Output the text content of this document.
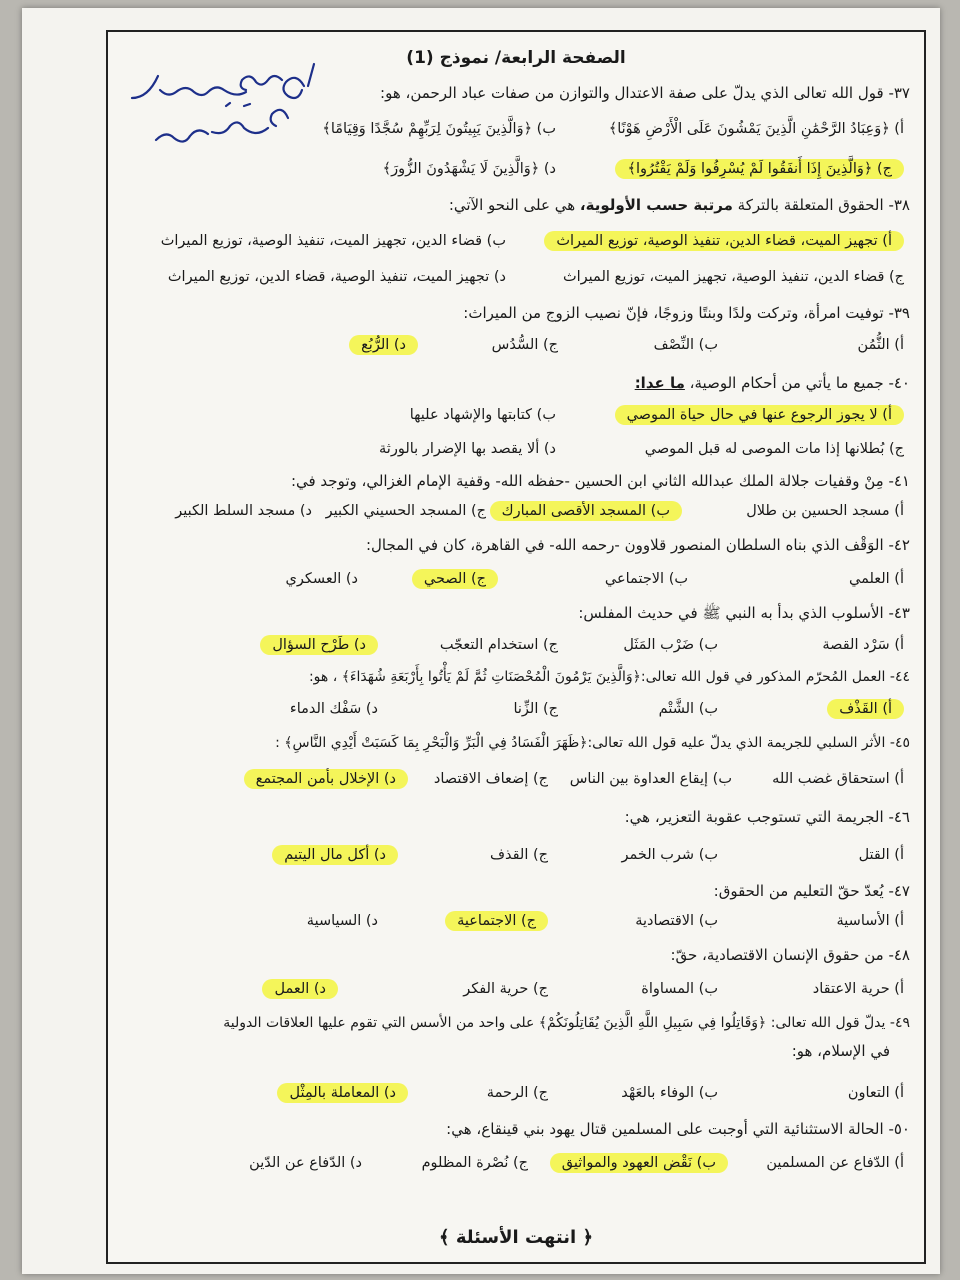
الصفحة الرابعة/ نموذج (1)
٣٧- قول الله تعالى الذي يدلّ على صفة الاعتدال والتوازن من صفات عباد الرحمن، هو:
أ) ﴿وَعِبَادُ الرَّحْمَٰنِ الَّذِينَ يَمْشُونَ عَلَى الْأَرْضِ هَوْنًا﴾
ب) ﴿وَالَّذِينَ يَبِيتُونَ لِرَبِّهِمْ سُجَّدًا وَقِيَامًا﴾
ج) ﴿وَالَّذِينَ إِذَا أَنفَقُوا لَمْ يُسْرِفُوا وَلَمْ يَقْتُرُوا﴾
د) ﴿وَالَّذِينَ لَا يَشْهَدُونَ الزُّورَ﴾
٣٨- الحقوق المتعلقة بالتركة مرتبة حسب الأولوية، هي على النحو الآتي:
أ) تجهيز الميت، قضاء الدين، تنفيذ الوصية، توزيع الميراث
ب) قضاء الدين، تجهيز الميت، تنفيذ الوصية، توزيع الميراث
ج) قضاء الدين، تنفيذ الوصية، تجهيز الميت، توزيع الميراث
د) تجهيز الميت، تنفيذ الوصية، قضاء الدين، توزيع الميراث
٣٩- توفيت امرأة، وتركت ولدًا وبنتًا وزوجًا، فإنّ نصيب الزوج من الميراث:
أ) الثُّمُن
ب) النِّصْف
ج) السُّدُس
د) الرُّبُع
٤٠- جميع ما يأتي من أحكام الوصية، ما عدا:
أ) لا يجوز الرجوع عنها في حال حياة الموصي
ب) كتابتها والإشهاد عليها
ج) بُطلانها إذا مات الموصى له قبل الموصي
د) ألا يقصد بها الإضرار بالورثة
٤١- مِنْ وقفيات جلالة الملك عبدالله الثاني ابن الحسين -حفظه الله- وقفية الإمام الغزالي، وتوجد في:
أ) مسجد الحسين بن طلال
ب) المسجد الأقصى المبارك
ج) المسجد الحسيني الكبير
د) مسجد السلط الكبير
٤٢- الوَقْف الذي بناه السلطان المنصور قلاوون -رحمه الله- في القاهرة، كان في المجال:
أ) العلمي
ب) الاجتماعي
ج) الصحي
د) العسكري
٤٣- الأسلوب الذي بدأ به النبي ﷺ في حديث المفلس:
أ) سَرْد القصة
ب) ضَرْب المَثَل
ج) استخدام التعجّب
د) طَرْح السؤال
٤٤- العمل المُحرّم المذكور في قول الله تعالى:﴿وَالَّذِينَ يَرْمُونَ الْمُحْصَنَاتِ ثُمَّ لَمْ يَأْتُوا بِأَرْبَعَةِ شُهَدَاءَ﴾ ، هو:
أ) القَذْف
ب) الشَّتْم
ج) الزِّنا
د) سَفْك الدماء
٤٥- الأثر السلبي للجريمة الذي يدلّ عليه قول الله تعالى:﴿ظَهَرَ الْفَسَادُ فِي الْبَرِّ وَالْبَحْرِ بِمَا كَسَبَتْ أَيْدِي النَّاسِ﴾ :
أ) استحقاق غضب الله
ب) إيقاع العداوة بين الناس
ج) إضعاف الاقتصاد
د) الإخلال بأمن المجتمع
٤٦- الجريمة التي تستوجب عقوبة التعزير، هي:
أ) القتل
ب) شرب الخمر
ج) القذف
د) أكل مال اليتيم
٤٧- يُعدّ حقّ التعليم من الحقوق:
أ) الأساسية
ب) الاقتصادية
ج) الاجتماعية
د) السياسية
٤٨- من حقوق الإنسان الاقتصادية، حقّ:
أ) حرية الاعتقاد
ب) المساواة
ج) حرية الفكر
د) العمل
٤٩- يدلّ قول الله تعالى: ﴿وَقَاتِلُوا فِي سَبِيلِ اللَّهِ الَّذِينَ يُقَاتِلُونَكُمْ﴾ على واحد من الأسس التي تقوم عليها العلاقات الدولية
في الإسلام، هو:
أ) التعاون
ب) الوفاء بالعَهْد
ج) الرحمة
د) المعاملة بالمِثْل
٥٠- الحالة الاستثنائية التي أوجبت على المسلمين قتال يهود بني قينقاع، هي:
أ) الدّفاع عن المسلمين
ب) نَقْض العهود والمواثيق
ج) نُصْرة المظلوم
د) الدّفاع عن الدّين
﴿ انتهت الأسئلة ﴾
